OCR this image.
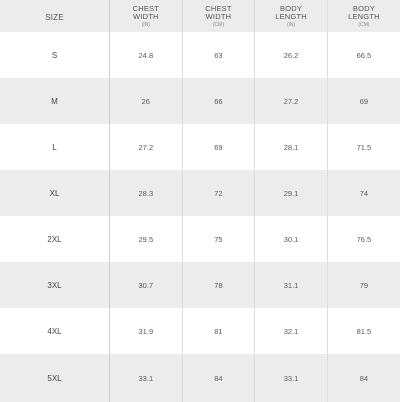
SIZE	CHEST
WIDTH
(IN)	CHEST
WIDTH
(CM)	BODY
LENGTH
(IN)	BODY
LENGTH
(CM)

S	24.8	63	26.2	66.5
M	26	66	27.2	69
L	27.2	69	28.1	71.5
XL	28.3	72	29.1	74
2XL	29.5	75	30.1	76.5
3XL	30.7	78	31.1	79
4XL	31.9	81	32.1	81.5
5XL	33.1	84	33.1	84
